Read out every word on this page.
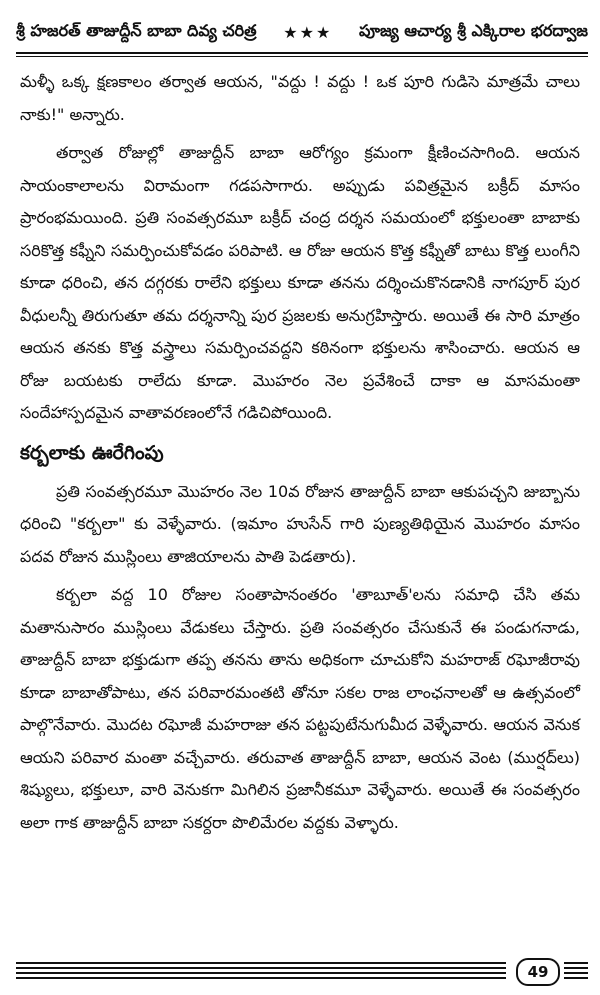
శ్రీ హజరత్ తాజుద్దీన్ బాబా దివ్య చరిత్ర	★★★	పూజ్య ఆచార్య శ్రీ ఎక్కిరాల భరద్వాజ

మళ్ళీ ఒక్క క్షణకాలం తర్వాత ఆయన, "వద్దు ! వద్దు ! ఒక పూరి గుడిసె మాత్రమే చాలు నాకు!" అన్నారు.

తర్వాత రోజుల్లో తాజుద్దీన్ బాబా ఆరోగ్యం క్రమంగా క్షీణించసాగింది. ఆయన సాయంకాలాలను విరామంగా గడపసాగారు. అప్పుడు పవిత్రమైన బక్రీద్ మాసం ప్రారంభమయింది. ప్రతి సంవత్సరమూ బక్రీద్ చంద్ర దర్శన సమయంలో భక్తులంతా బాబాకు సరికొత్త కఫ్నీని సమర్పించుకోవడం పరిపాటి. ఆ రోజు ఆయన కొత్త కఫ్నీతో బాటు కొత్త లుంగీని కూడా ధరించి, తన దగ్గరకు రాలేని భక్తులు కూడా తనను దర్శించుకొనడానికి నాగపూర్ పుర వీధులన్నీ తిరుగుతూ తమ దర్శనాన్ని పుర ప్రజలకు అనుగ్రహిస్తారు. అయితే ఈ సారి మాత్రం ఆయన తనకు కొత్త వస్త్రాలు సమర్పించవద్దని కఠినంగా భక్తులను శాసించారు. ఆయన ఆ రోజు బయటకు రాలేదు కూడా. మొహరం నెల ప్రవేశించే దాకా ఆ మాసమంతా సందేహాస్పదమైన వాతావరణంలోనే గడిచిపోయింది.

కర్బలాకు ఊరేగింపు

ప్రతి సంవత్సరమూ మొహరం నెల 10వ రోజున తాజుద్దీన్ బాబా ఆకుపచ్చని జుబ్బాను ధరించి "కర్బలా" కు వెళ్ళేవారు. (ఇమాం హుసేన్ గారి పుణ్యతిథియైన మొహరం మాసం పదవ రోజున ముస్లింలు తాజియాలను పాతి పెడతారు).

కర్బలా వద్ద 10 రోజుల సంతాపానంతరం 'తాబూత్'లను సమాధి చేసి తమ మతానుసారం ముస్లింలు వేడుకలు చేస్తారు. ప్రతి సంవత్సరం చేసుకునే ఈ పండుగనాడు, తాజుద్దీన్ బాబా భక్తుడుగా తప్ప తనను తాను అధికంగా చూచుకోని మహరాజ్ రఘోజీరావు కూడా బాబాతోపాటు, తన పరివారమంతటి తోనూ సకల రాజ లాంఛనాలతో ఆ ఉత్సవంలో పాల్గొనేవారు. మొదట రఘోజీ మహరాజు తన పట్టపుటేనుగుమీద వెళ్ళేవారు. ఆయన వెనుక ఆయని పరివార మంతా వచ్చేవారు. తరువాత తాజుద్దీన్ బాబా, ఆయన వెంట (ముర్షద్‌లు) శిష్యులు, భక్తులూ, వారి వెనుకగా మిగిలిన ప్రజానీకమూ వెళ్ళేవారు. అయితే ఈ సంవత్సరం అలా గాక తాజుద్దీన్ బాబా సకర్దరా పొలిమేరల వద్దకు వెళ్ళారు.

49
